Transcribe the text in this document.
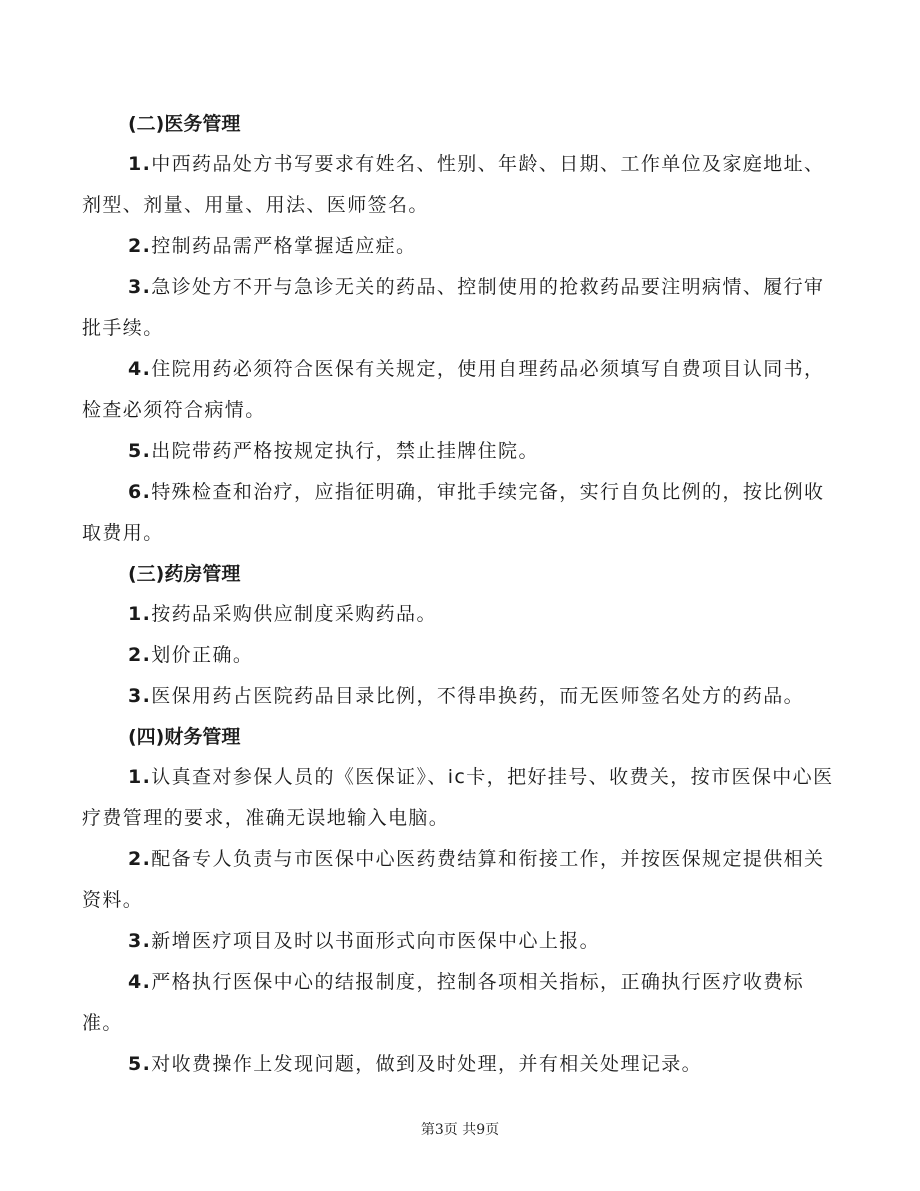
(二)医务管理

1.中西药品处方书写要求有姓名、性别、年龄、日期、工作单位及家庭地址、剂型、剂量、用量、用法、医师签名。

2.控制药品需严格掌握适应症。

3.急诊处方不开与急诊无关的药品、控制使用的抢救药品要注明病情、履行审批手续。

4.住院用药必须符合医保有关规定，使用自理药品必须填写自费项目认同书，检查必须符合病情。

5.出院带药严格按规定执行，禁止挂牌住院。

6.特殊检查和治疗，应指征明确，审批手续完备，实行自负比例的，按比例收取费用。

(三)药房管理

1.按药品采购供应制度采购药品。

2.划价正确。

3.医保用药占医院药品目录比例，不得串换药，而无医师签名处方的药品。

(四)财务管理

1.认真查对参保人员的《医保证》、ic卡，把好挂号、收费关，按市医保中心医疗费管理的要求，准确无误地输入电脑。

2.配备专人负责与市医保中心医药费结算和衔接工作，并按医保规定提供相关资料。

3.新增医疗项目及时以书面形式向市医保中心上报。

4.严格执行医保中心的结报制度，控制各项相关指标，正确执行医疗收费标准。

5.对收费操作上发现问题，做到及时处理，并有相关处理记录。

第3页 共9页
